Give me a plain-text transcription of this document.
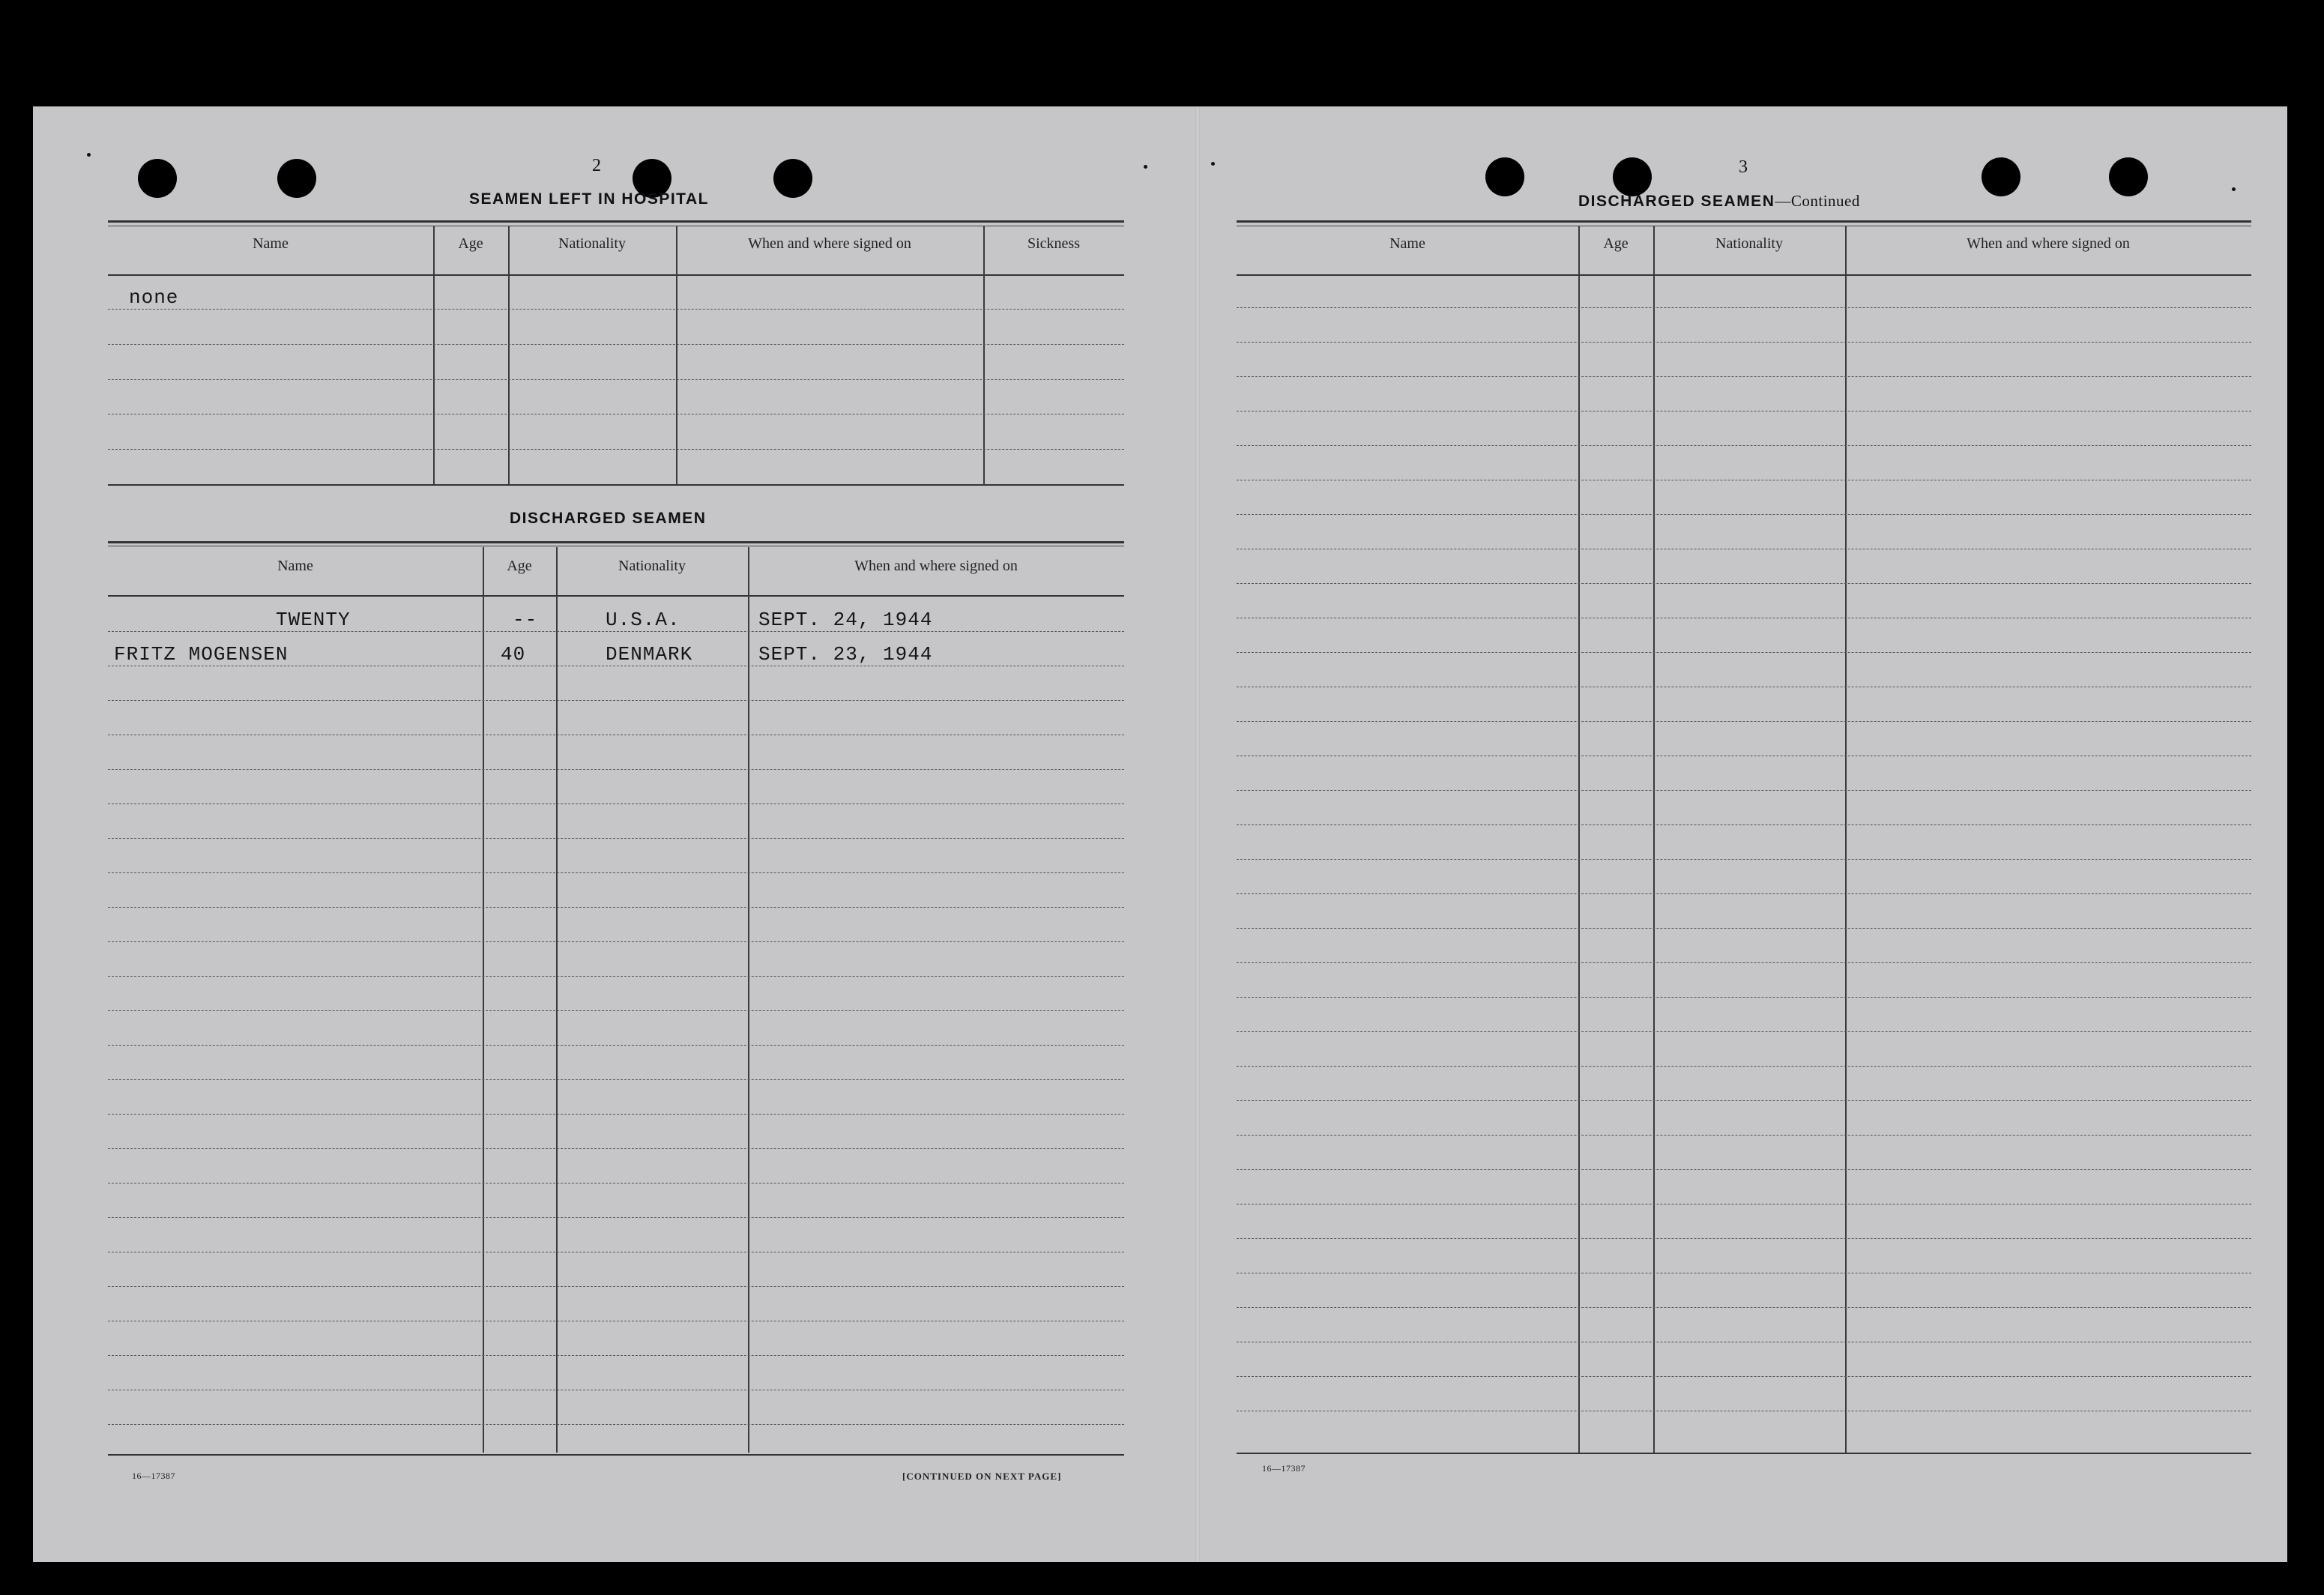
2
SEAMEN LEFT IN HOSPITAL
Name	Age	Nationality	When and where signed on	Sickness
none
DISCHARGED SEAMEN
Name	Age	Nationality	When and where signed on
TWENTY	--	U.S.A.	SEPT. 24, 1944
FRITZ MOGENSEN	40	DENMARK	SEPT. 23, 1944
16—17387	[CONTINUED ON NEXT PAGE]
3
DISCHARGED SEAMEN—Continued
Name	Age	Nationality	When and where signed on
16—17387
